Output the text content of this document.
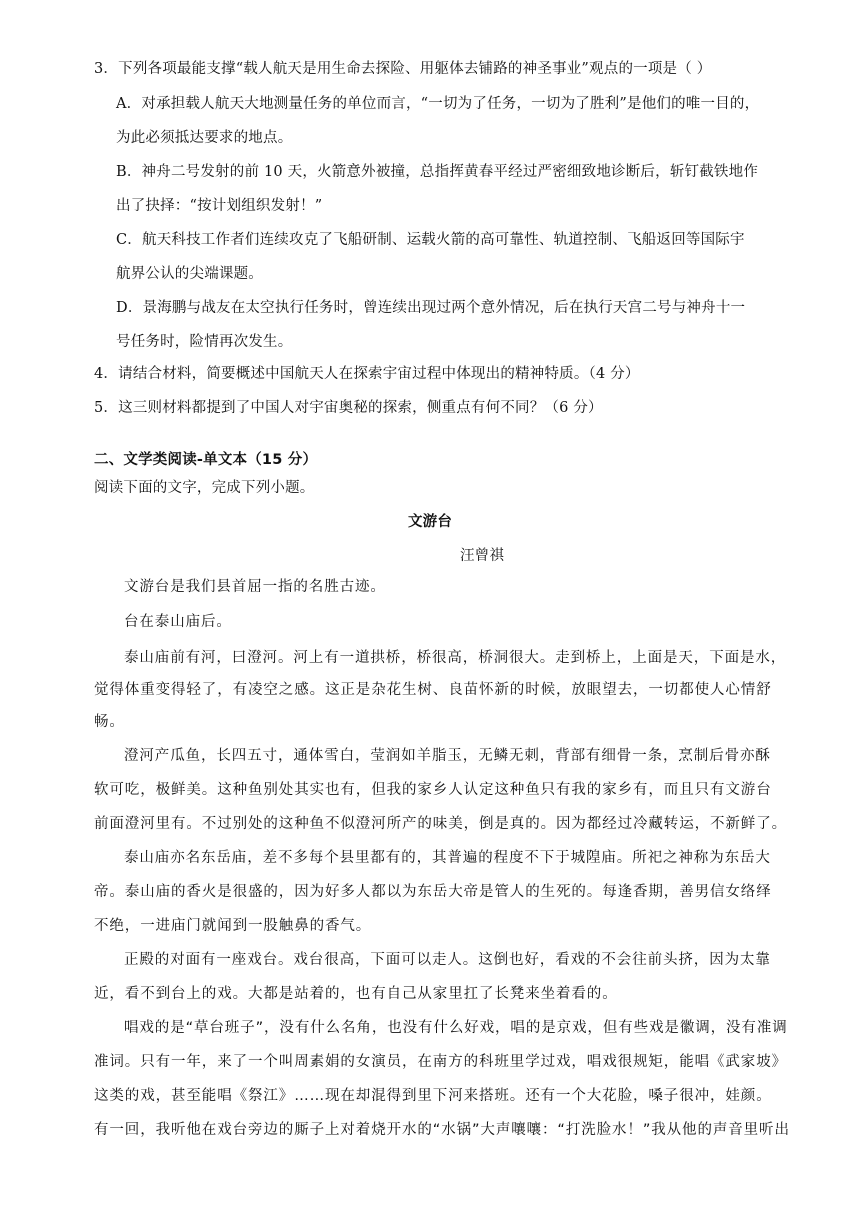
3．下列各项最能支撑“载人航天是用生命去探险、用躯体去铺路的神圣事业”观点的一项是（ ）
A．对承担载人航天大地测量任务的单位而言，“一切为了任务，一切为了胜利”是他们的唯一目的，
为此必须抵达要求的地点。
B．神舟二号发射的前 10 天，火箭意外被撞，总指挥黄春平经过严密细致地诊断后，斩钉截铁地作
出了抉择：“按计划组织发射！”
C．航天科技工作者们连续攻克了飞船研制、运载火箭的高可靠性、轨道控制、飞船返回等国际宇
航界公认的尖端课题。
D．景海鹏与战友在太空执行任务时，曾连续出现过两个意外情况，后在执行天宫二号与神舟十一
号任务时，险情再次发生。
4．请结合材料，简要概述中国航天人在探索宇宙过程中体现出的精神特质。（4 分）
5．这三则材料都提到了中国人对宇宙奥秘的探索，侧重点有何不同？（6 分）
二、文学类阅读-单文本（15 分）
阅读下面的文字，完成下列小题。
文游台
汪曾祺
文游台是我们县首屈一指的名胜古迹。
台在泰山庙后。
泰山庙前有河，曰澄河。河上有一道拱桥，桥很高，桥洞很大。走到桥上，上面是天，下面是水，
觉得体重变得轻了，有凌空之感。这正是杂花生树、良苗怀新的时候，放眼望去，一切都使人心情舒
畅。
澄河产瓜鱼，长四五寸，通体雪白，莹润如羊脂玉，无鳞无刺，背部有细骨一条，烹制后骨亦酥
软可吃，极鲜美。这种鱼别处其实也有，但我的家乡人认定这种鱼只有我的家乡有，而且只有文游台
前面澄河里有。不过别处的这种鱼不似澄河所产的味美，倒是真的。因为都经过冷藏转运，不新鲜了。
泰山庙亦名东岳庙，差不多每个县里都有的，其普遍的程度不下于城隍庙。所祀之神称为东岳大
帝。泰山庙的香火是很盛的，因为好多人都以为东岳大帝是管人的生死的。每逢香期，善男信女络绎
不绝，一进庙门就闻到一股触鼻的香气。
正殿的对面有一座戏台。戏台很高，下面可以走人。这倒也好，看戏的不会往前头挤，因为太靠
近，看不到台上的戏。大都是站着的，也有自己从家里扛了长凳来坐着看的。
唱戏的是“草台班子”，没有什么名角，也没有什么好戏，唱的是京戏，但有些戏是徽调，没有准调
准词。只有一年，来了一个叫周素娟的女演员，在南方的科班里学过戏，唱戏很规矩，能唱《武家坡》
这类的戏，甚至能唱《祭江》……现在却混得到里下河来搭班。还有一个大花脸，嗓子很冲，娃颜。
有一回，我听他在戏台旁边的厮子上对着烧开水的“水锅”大声嚷嚷：“打洗脸水！”我从他的声音里听出
